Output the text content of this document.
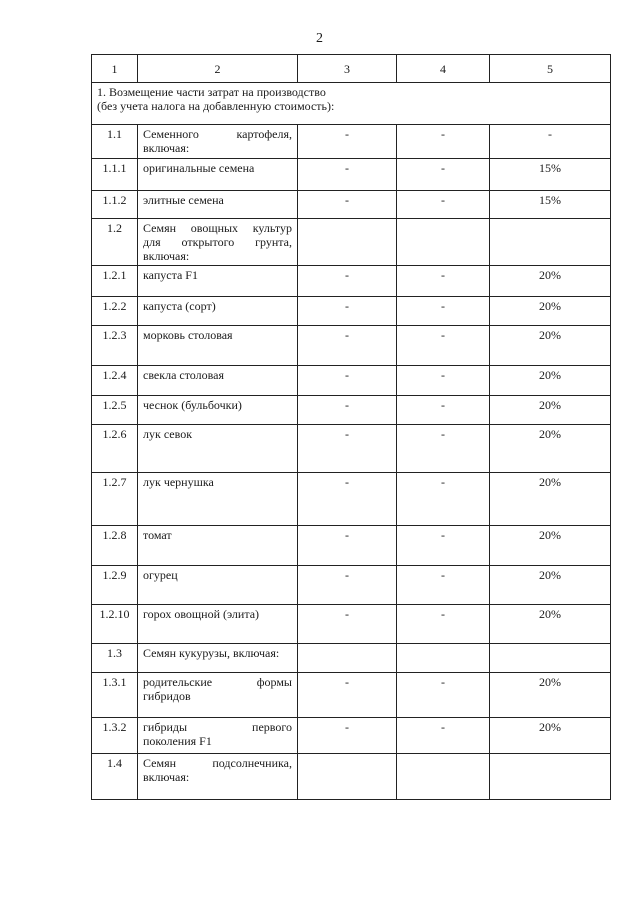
2
1	2	3	4	5

1. Возмещение части затрат на производство
(без учета налога на добавленную стоимость):				

1.1	Семенного картофеля,
включая:	-	-	-
1.1.1	оригинальные семена	-	-	15%
1.1.2	элитные семена	-	-	15%
1.2	Семян овощных культур
для открытого грунта,
включая:			

1.2.1	капуста F1	-	-	20%
1.2.2	капуста (сорт)	-	-	20%
1.2.3	морковь столовая	-	-	20%
1.2.4	свекла столовая	-	-	20%
1.2.5	чеснок (бульбочки)	-	-	20%
1.2.6	лук севок	-	-	20%
1.2.7	лук чернушка	-	-	20%
1.2.8	томат	-	-	20%
1.2.9	огурец	-	-	20%
1.2.10	горох овощной (элита)	-	-	20%
1.3	Семян кукурузы, включая:			

1.3.1	родительские формы
гибридов	-	-	20%
1.3.2	гибриды первого
поколения F1	-	-	20%
1.4	Семян подсолнечника,
включая:			
